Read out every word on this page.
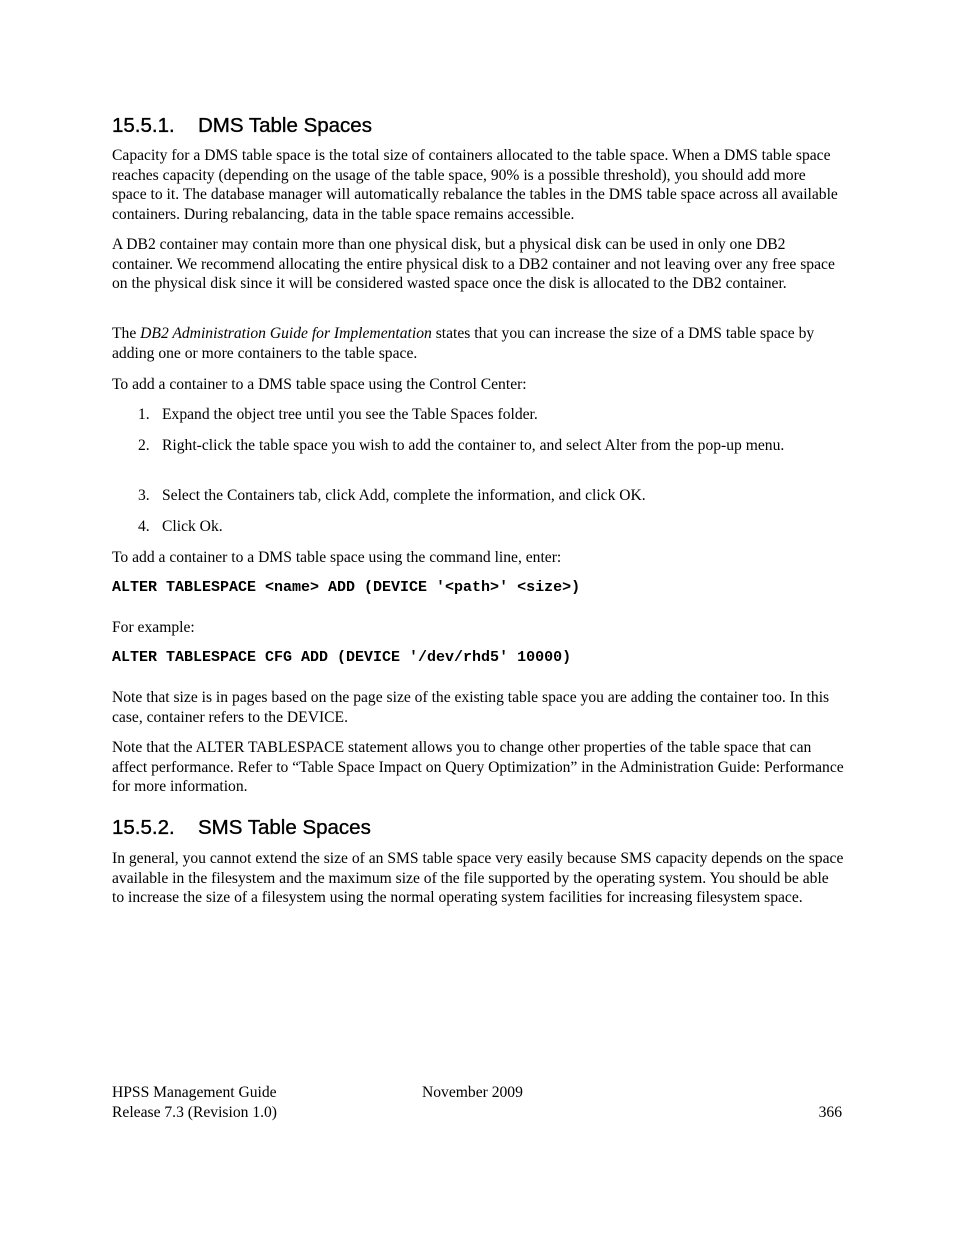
15.5.1. DMS Table Spaces

Capacity for a DMS table space is the total size of containers allocated to the table space. When a DMS table space reaches capacity (depending on the usage of the table space, 90% is a possible threshold), you should add more space to it. The database manager will automatically rebalance the tables in the DMS table space across all available containers. During rebalancing, data in the table space remains accessible.

A DB2 container may contain more than one physical disk, but a physical disk can be used in only one DB2 container. We recommend allocating the entire physical disk to a DB2 container and not leaving over any free space on the physical disk since it will be considered wasted space once the disk is allocated to the DB2 container.

The DB2 Administration Guide for Implementation states that you can increase the size of a DMS table space by adding one or more containers to the table space.

To add a container to a DMS table space using the Control Center:

1. Expand the object tree until you see the Table Spaces folder.
2. Right-click the table space you wish to add the container to, and select Alter from the pop-up menu.
3. Select the Containers tab, click Add, complete the information, and click OK.
4. Click Ok.

To add a container to a DMS table space using the command line, enter:

ALTER TABLESPACE <name> ADD (DEVICE '<path>' <size>)

For example:

ALTER TABLESPACE CFG ADD (DEVICE '/dev/rhd5' 10000)

Note that size is in pages based on the page size of the existing table space you are adding the container too. In this case, container refers to the DEVICE.

Note that the ALTER TABLESPACE statement allows you to change other properties of the table space that can affect performance. Refer to “Table Space Impact on Query Optimization” in the Administration Guide: Performance for more information.

15.5.2. SMS Table Spaces

In general, you cannot extend the size of an SMS table space very easily because SMS capacity depends on the space available in the filesystem and the maximum size of the file supported by the operating system. You should be able to increase the size of a filesystem using the normal operating system facilities for increasing filesystem space.

HPSS Management Guide
Release 7.3 (Revision 1.0)
November 2009
366
